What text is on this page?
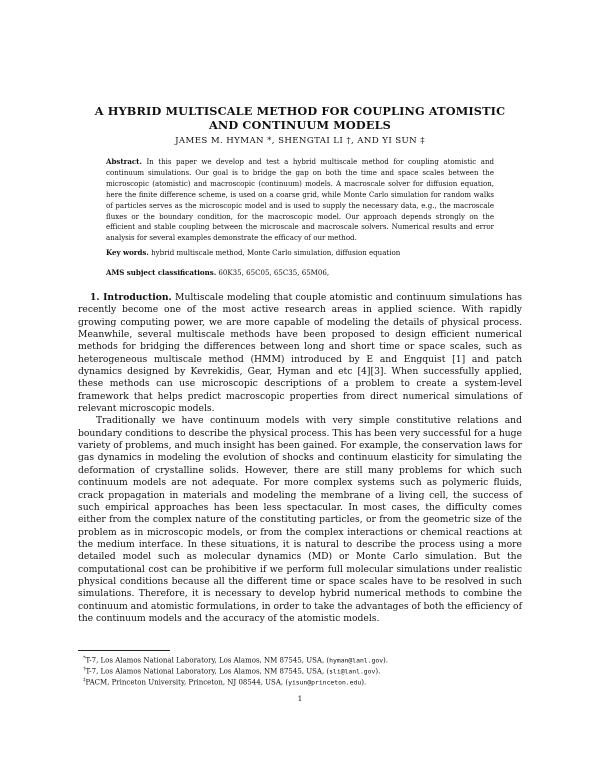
A HYBRID MULTISCALE METHOD FOR COUPLING ATOMISTIC
AND CONTINUUM MODELS
JAMES M. HYMAN *, SHENGTAI LI †, AND YI SUN ‡
Abstract. In this paper we develop and test a hybrid multiscale method for coupling atomistic and continuum simulations. Our goal is to bridge the gap on both the time and space scales between the microscopic (atomistic) and macroscopic (continuum) models. A macroscale solver for diffusion equation, here the finite difference scheme, is used on a coarse grid, while Monte Carlo simulation for random walks of particles serves as the microscopic model and is used to supply the necessary data, e.g., the macroscale fluxes or the boundary condition, for the macroscopic model. Our approach depends strongly on the efficient and stable coupling between the microscale and macroscale solvers. Numerical results and error analysis for several examples demonstrate the efficacy of our method.
Key words. hybrid multiscale method, Monte Carlo simulation, diffusion equation
AMS subject classifications. 60K35, 65C05, 65C35, 65M06,

1. Introduction. Multiscale modeling that couple atomistic and continuum simulations has recently become one of the most active research areas in applied science. With rapidly growing computing power, we are more capable of modeling the details of physical process. Meanwhile, several multiscale methods have been proposed to design efficient numerical methods for bridging the differences between long and short time or space scales, such as heterogeneous multiscale method (HMM) introduced by E and Engquist [1] and patch dynamics designed by Kevrekidis, Gear, Hyman and etc [4][3]. When successfully applied, these methods can use microscopic descriptions of a problem to create a system-level framework that helps predict macroscopic properties from direct numerical simulations of relevant microscopic models.

Traditionally we have continuum models with very simple constitutive relations and boundary conditions to describe the physical process. This has been very successful for a huge variety of problems, and much insight has been gained. For example, the conservation laws for gas dynamics in modeling the evolution of shocks and continuum elasticity for simulating the deformation of crystalline solids. However, there are still many problems for which such continuum models are not adequate. For more complex systems such as polymeric fluids, crack propagation in materials and modeling the membrane of a living cell, the success of such empirical approaches has been less spectacular. In most cases, the difficulty comes either from the complex nature of the constituting particles, or from the geometric size of the problem as in microscopic models, or from the complex interactions or chemical reactions at the medium interface. In these situations, it is natural to describe the process using a more detailed model such as molecular dynamics (MD) or Monte Carlo simulation. But the computational cost can be prohibitive if we perform full molecular simulations under realistic physical conditions because all the different time or space scales have to be resolved in such simulations. Therefore, it is necessary to develop hybrid numerical methods to combine the continuum and atomistic formulations, in order to take the advantages of both the efficiency of the continuum models and the accuracy of the atomistic models.

*T-7, Los Alamos National Laboratory, Los Alamos, NM 87545, USA, (hyman@lanl.gov).
†T-7, Los Alamos National Laboratory, Los Alamos, NM 87545, USA, (sli@lanl.gov).
‡PACM, Princeton University, Princeton, NJ 08544, USA, (yisun@princeton.edu).
1
